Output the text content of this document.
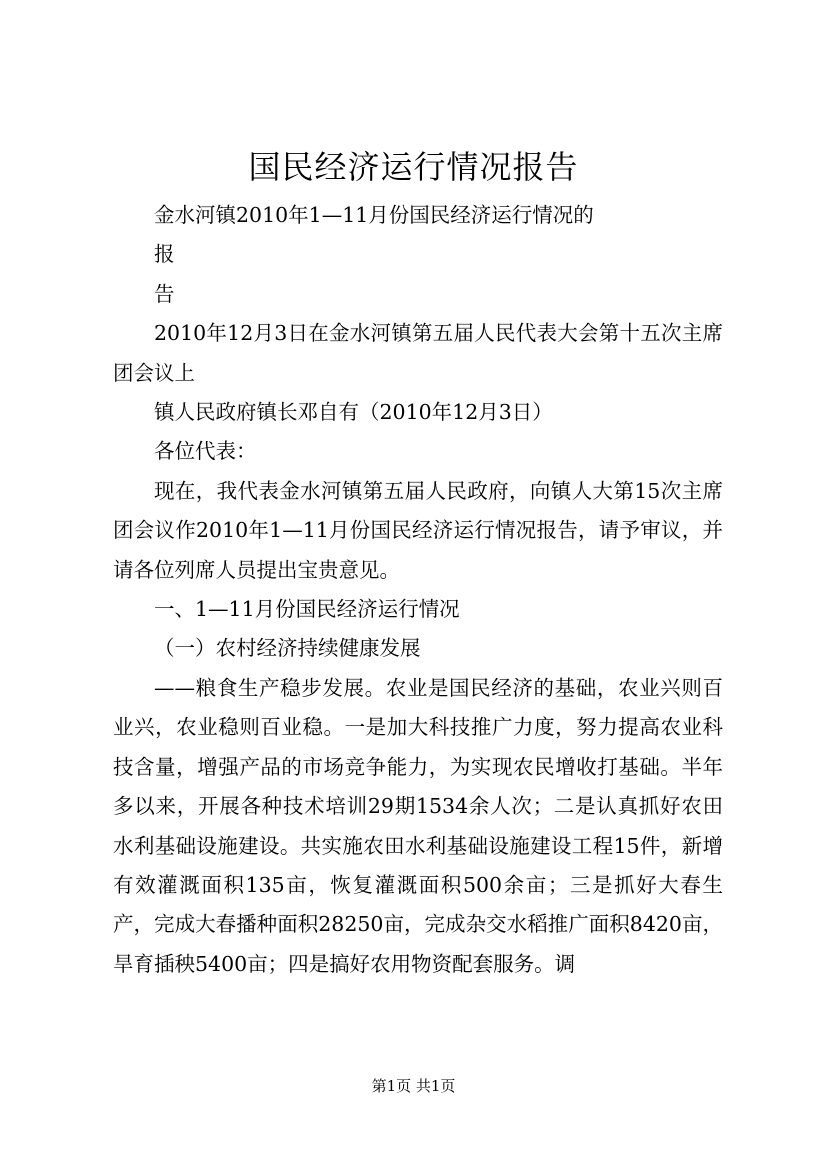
国民经济运行情况报告

金水河镇2010年1—11月份国民经济运行情况的

报

告

2010年12月3日在金水河镇第五届人民代表大会第十五次主席团会议上

镇人民政府镇长邓自有（2010年12月3日）

各位代表：

现在，我代表金水河镇第五届人民政府，向镇人大第15次主席团会议作2010年1—11月份国民经济运行情况报告，请予审议，并请各位列席人员提出宝贵意见。

一、1—11月份国民经济运行情况

（一）农村经济持续健康发展

——粮食生产稳步发展。农业是国民经济的基础，农业兴则百业兴，农业稳则百业稳。一是加大科技推广力度，努力提高农业科技含量，增强产品的市场竞争能力，为实现农民增收打基础。半年多以来，开展各种技术培训29期1534余人次；二是认真抓好农田水利基础设施建设。共实施农田水利基础设施建设工程15件，新增有效灌溉面积135亩，恢复灌溉面积500余亩；三是抓好大春生产，完成大春播种面积28250亩，完成杂交水稻推广面积8420亩，旱育插秧5400亩；四是搞好农用物资配套服务。调

第1页 共1页
